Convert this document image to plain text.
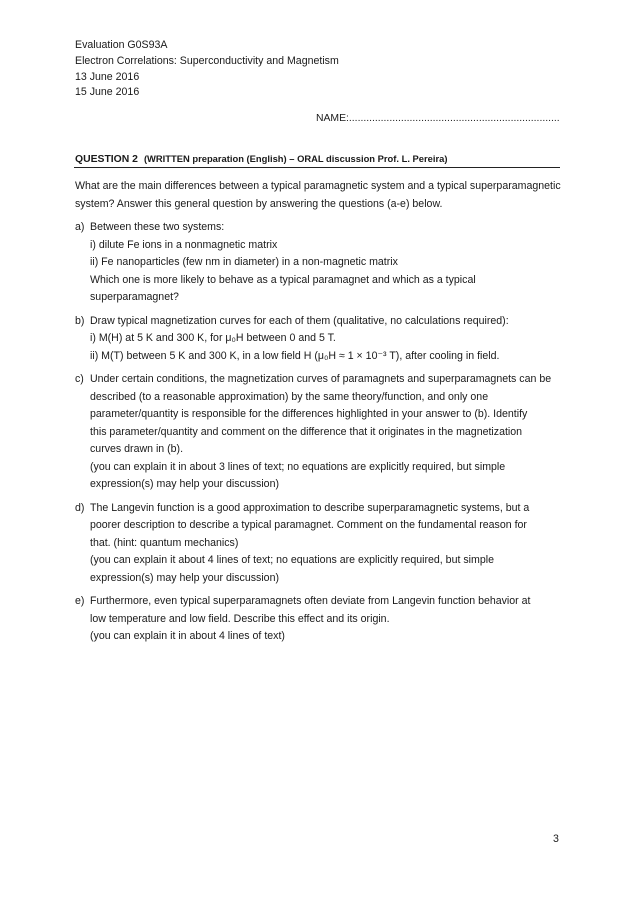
Evaluation G0S93A
Electron Correlations: Superconductivity and Magnetism
13 June 2016
15 June 2016
NAME:.........................................................................
QUESTION 2 (WRITTEN preparation (English) – ORAL discussion Prof. L. Pereira)
What are the main differences between a typical paramagnetic system and a typical superparamagnetic system? Answer this general question by answering the questions (a-e) below.
a) Between these two systems:
i) dilute Fe ions in a nonmagnetic matrix
ii) Fe nanoparticles (few nm in diameter) in a non-magnetic matrix
Which one is more likely to behave as a typical paramagnet and which as a typical
superparamagnet?
b) Draw typical magnetization curves for each of them (qualitative, no calculations required):
i) M(H) at 5 K and 300 K, for μ₀H between 0 and 5 T.
ii) M(T) between 5 K and 300 K, in a low field H (μ₀H ≈ 1 × 10⁻³ T), after cooling in field.
c) Under certain conditions, the magnetization curves of paramagnets and superparamagnets can be
described (to a reasonable approximation) by the same theory/function, and only one
parameter/quantity is responsible for the differences highlighted in your answer to (b). Identify
this parameter/quantity and comment on the difference that it originates in the magnetization
curves drawn in (b).
(you can explain it in about 3 lines of text; no equations are explicitly required, but simple
expression(s) may help your discussion)
d) The Langevin function is a good approximation to describe superparamagnetic systems, but a
poorer description to describe a typical paramagnet. Comment on the fundamental reason for
that. (hint: quantum mechanics)
(you can explain it about 4 lines of text; no equations are explicitly required, but simple
expression(s) may help your discussion)
e) Furthermore, even typical superparamagnets often deviate from Langevin function behavior at
low temperature and low field. Describe this effect and its origin.
(you can explain it in about 4 lines of text)
3
